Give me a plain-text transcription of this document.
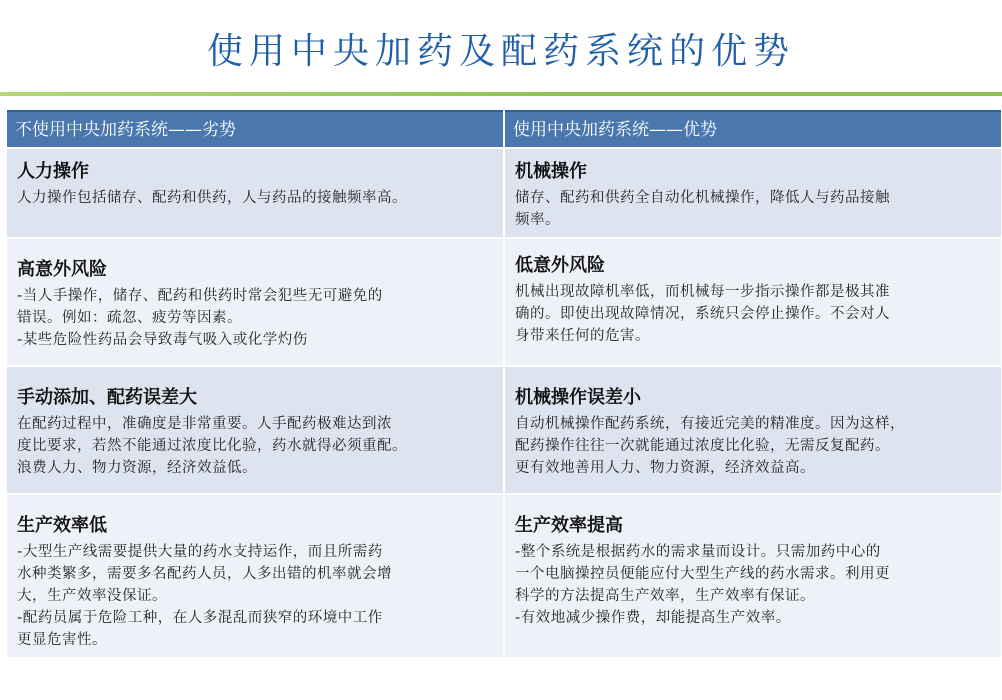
使用中央加药及配药系统的优势
不使用中央加药系统——劣势	使用中央加药系统——优势
人力操作
人力操作包括储存、配药和供药，人与药品的接触频率高。
机械操作
储存、配药和供药全自动化机械操作，降低人与药品接触
频率。
高意外风险
-当人手操作，储存、配药和供药时常会犯些无可避免的
错误。例如：疏忽、疲劳等因素。
-某些危险性药品会导致毒气吸入或化学灼伤
低意外风险
机械出现故障机率低，而机械每一步指示操作都是极其准
确的。即使出现故障情况，系统只会停止操作。不会对人
身带来任何的危害。
手动添加、配药误差大
在配药过程中，准确度是非常重要。人手配药极难达到浓
度比要求，若然不能通过浓度比化验，药水就得必须重配。
浪费人力、物力资源，经济效益低。
机械操作误差小
自动机械操作配药系统，有接近完美的精准度。因为这样，
配药操作往往一次就能通过浓度比化验，无需反复配药。
更有效地善用人力、物力资源，经济效益高。
生产效率低
-大型生产线需要提供大量的药水支持运作，而且所需药
水种类繁多，需要多名配药人员，人多出错的机率就会增
大，生产效率没保证。
-配药员属于危险工种，在人多混乱而狭窄的环境中工作
更显危害性。
生产效率提高
-整个系统是根据药水的需求量而设计。只需加药中心的
一个电脑操控员便能应付大型生产线的药水需求。利用更
科学的方法提高生产效率，生产效率有保证。
-有效地减少操作费，却能提高生产效率。
